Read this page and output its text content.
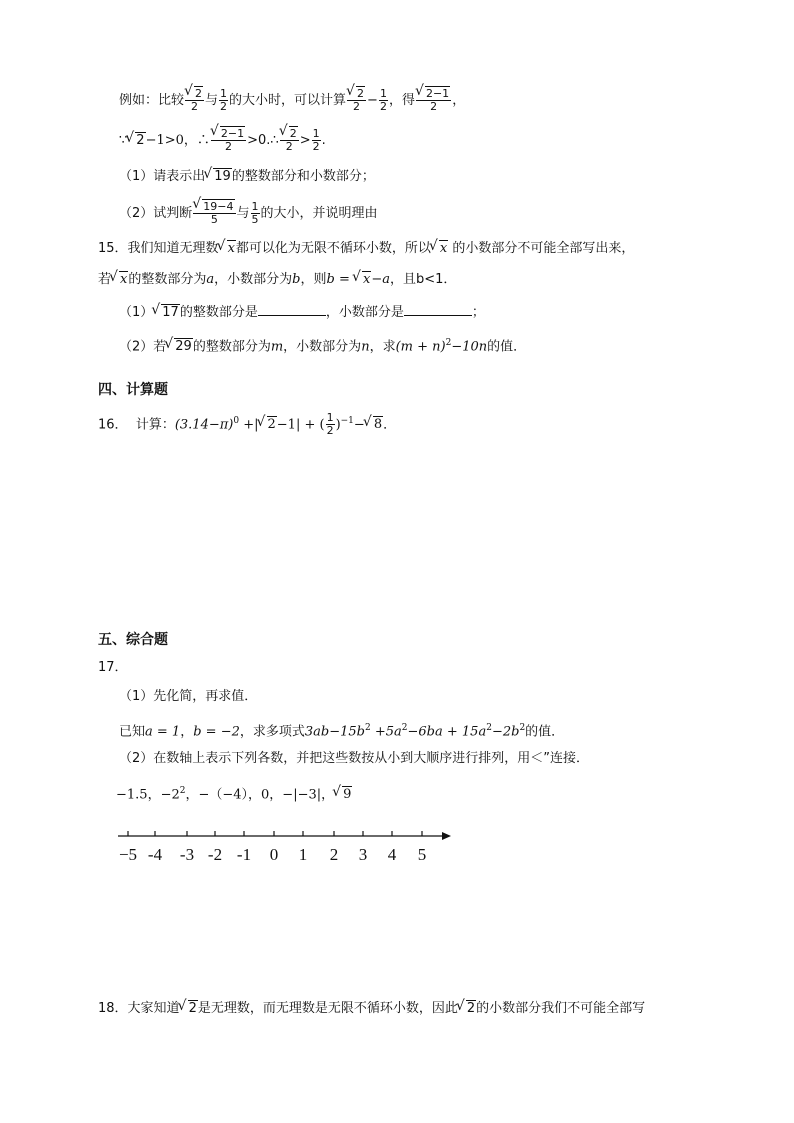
例如：比较
√ $\frac{2}{2}$ 与 $\frac{1}{2}$ 的大小时，可以计算
√ $\frac{2}{2} - \frac{1}{2}$ ，得
√ $\frac{2-1}{2}$ ，
∵√ 2−1>0，∴
√ $\frac{2-1}{2}$ >0.∴
√ $\frac{2}{2} > \frac{1}{2}$ .
（1）请表示出√ 19的整数部分和小数部分；
（2）试判断
√ $\frac{19-4}{5}$ 与 $\frac{1}{5}$ 的大小，并说明理由
15．我们知道无理数√ x都可以化为无限不循环小数，所以√ x 的小数部分不可能全部写出来，
若√ x的整数部分为a，小数部分为b，则b = √ x−a，且b<1．
（1）√ 17的整数部分是	，小数部分是	；
（2）若√ 29的整数部分为m，小数部分为n，求$(m + n)^2-10n$的值．
四、计算题
16． 计算：$(3.14-\pi)^0$ +|√ 2−1| + ( $\frac{1}{2} )^{-1}-√$ 8．
五、综合题
17．
（1）先化简，再求值．
已知a = 1，b = −2，求多项式$3ab-15b^2 +5a^2-6ba + 15a^2-2b^2$的值．
（2）在数轴上表示下列各数，并把这些数按从小到大顺序进行排列，用＜”连接．
−1.5，$-2^2$，−（−4），0，−|−3|，√ 9
−5 -4 -3 -2 -1 0 1 2 3 4 5
18．大家知道√ 2是无理数，而无理数是无限不循环小数，因此√ 2的小数部分我们不可能全部写
